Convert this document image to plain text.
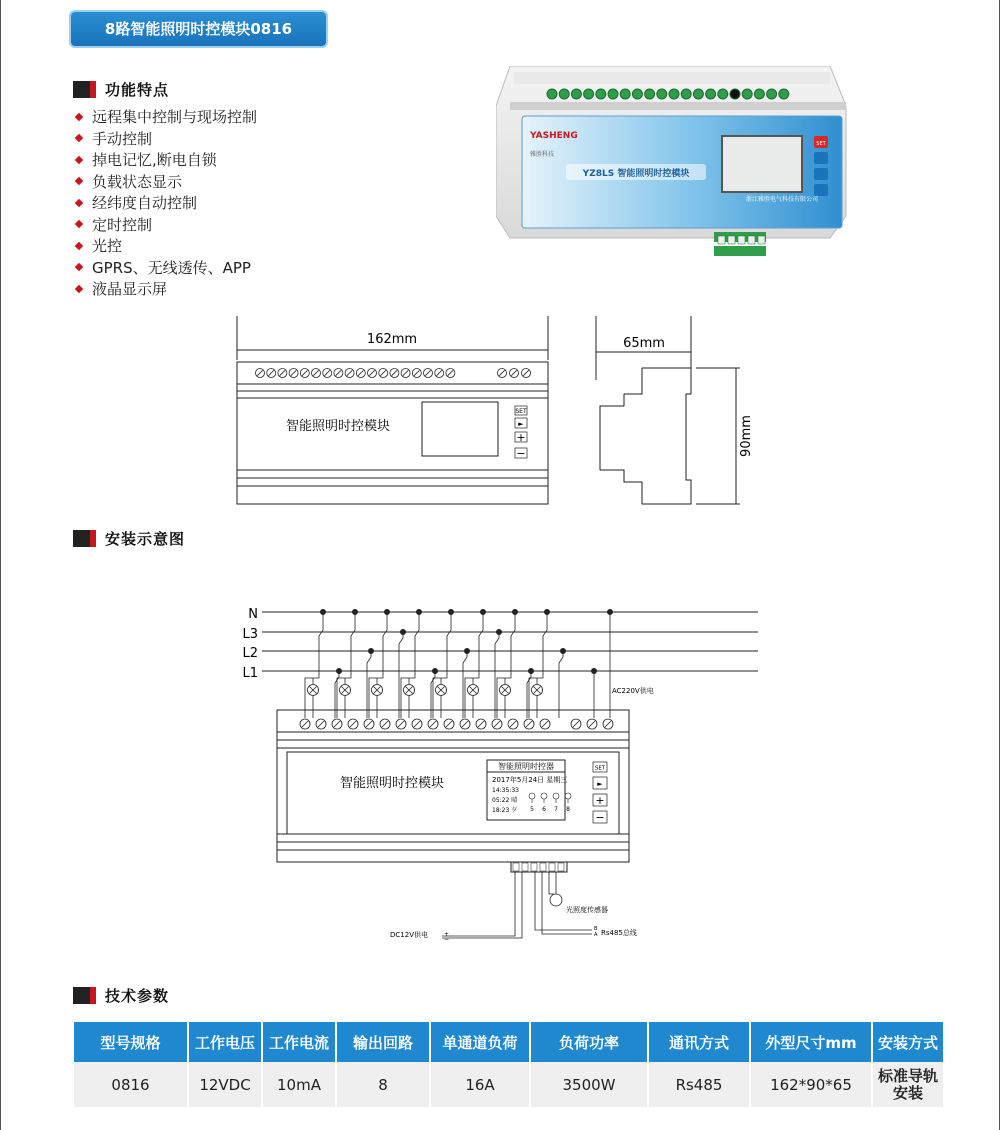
8路智能照明时控模块0816
功能特点
远程集中控制与现场控制
手动控制
掉电记忆,断电自锁
负载状态显示
经纬度自动控制
定时控制
光控
GPRS、无线透传、APP
液晶显示屏
YASHENG
雅胜科技
YZ8LS 智能照明时控模块
SET
浙江雅胜电气科技有限公司
162mm
智能照明时控模块
SET
►
+
−
65mm
90mm
安装示意图
N
L3
L2
L1
AC220V供电
智能照明时控模块
智能照明时控器
2017年5月24日 星期三
14:35:33
05:22 晴
18:23 夕 5 6 7 8
SET
►
+
−
+
−
DC12V供电
B
A Rs485总线
光照度传感器
技术参数
型号规格	工作电压	工作电流	输出回路	单通道负荷	负荷功率	通讯方式	外型尺寸mm	安装方式
0816	12VDC	10mA	8	16A	3500W	Rs485	162*90*65	标准导轨
安装
